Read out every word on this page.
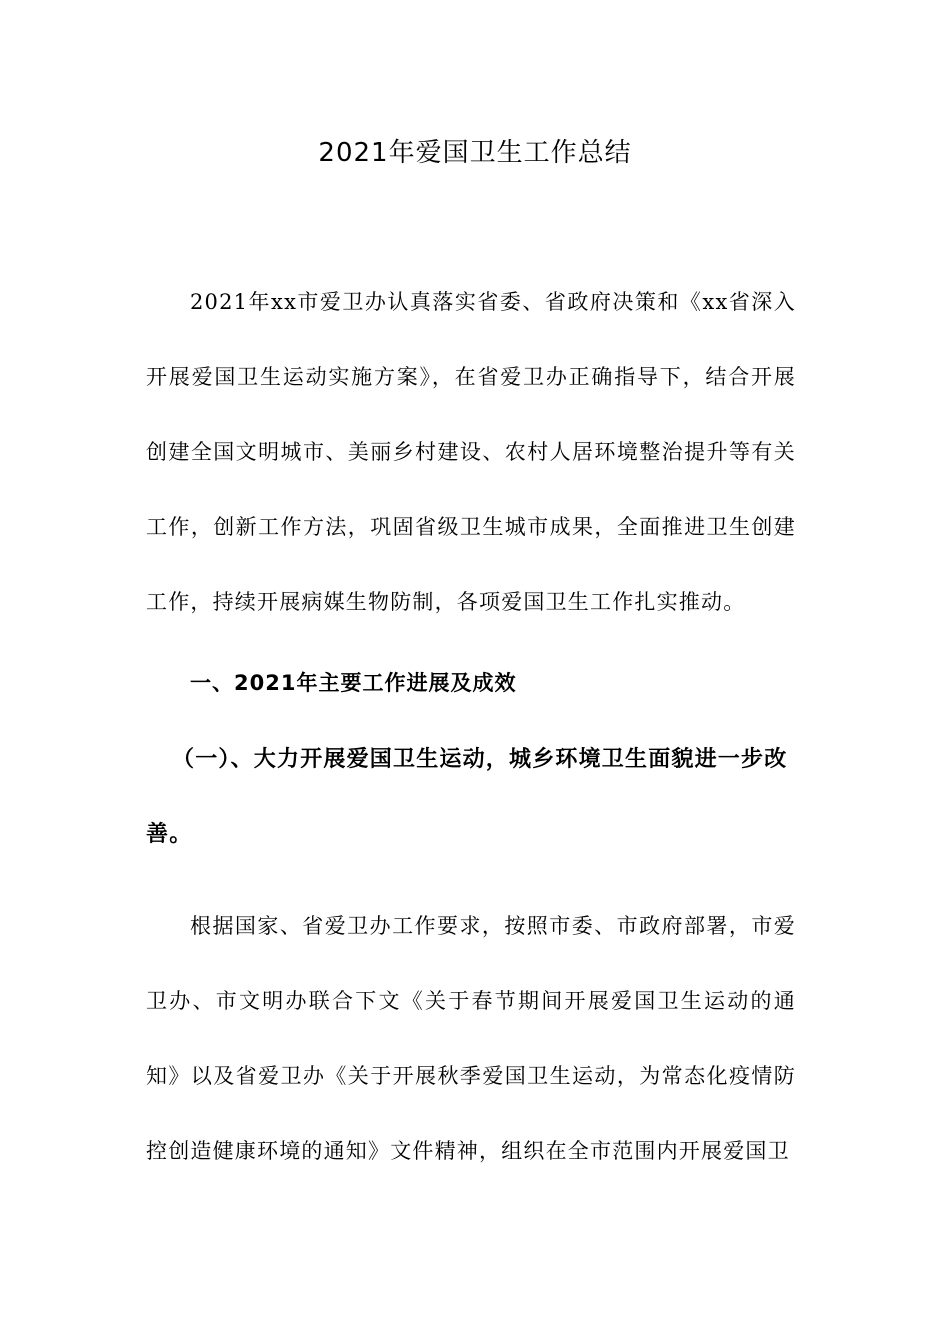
2021年爱国卫生工作总结
2021年xx市爱卫办认真落实省委、省政府决策和《xx省深入开展爱国卫生运动实施方案》，在省爱卫办正确指导下，结合开展创建全国文明城市、美丽乡村建设、农村人居环境整治提升等有关工作，创新工作方法，巩固省级卫生城市成果，全面推进卫生创建工作，持续开展病媒生物防制，各项爱国卫生工作扎实推动。
一、2021年主要工作进展及成效
（一）、大力开展爱国卫生运动，城乡环境卫生面貌进一步改善。
根据国家、省爱卫办工作要求，按照市委、市政府部署，市爱卫办、市文明办联合下文《关于春节期间开展爱国卫生运动的通知》以及省爱卫办《关于开展秋季爱国卫生运动，为常态化疫情防控创造健康环境的通知》文件精神，组织在全市范围内开展爱国卫
